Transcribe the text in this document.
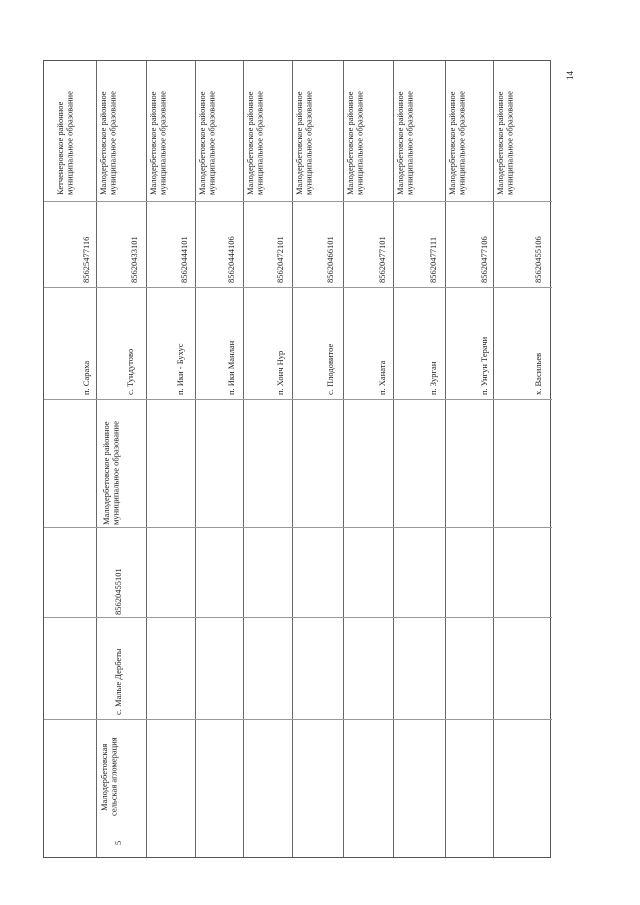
14
Кетченеровское районное муниципальное образование
85625477116
п. Сараха
Малодербетовское районное муниципальное образование
85620433101
Малодербетовское районное муниципальное образование
85620455101
с. Малые Дербеты
Малодербетовская сельская агломерация
5
Малодербетовское районное муниципальное образование
85620444101
с. Тундутово
Малодербетовское районное муниципальное образование
85620444106
п. Ики - Бухус
Малодербетовское районное муниципальное образование
85620472101
п. Ики Манлан
Малодербетовское районное муниципальное образование
85620466101
п. Хонч Нур
Малодербетовское районное муниципальное образование
85620477101
с. Плодовитое
Малодербетовское районное муниципальное образование
85620477111
п. Ханата
Малодербетовское районное муниципальное образование
85620477106
п. Зурган
Малодербетовское районное муниципальное образование
85620455106
п. Унгун Терачи	х. Васильев
